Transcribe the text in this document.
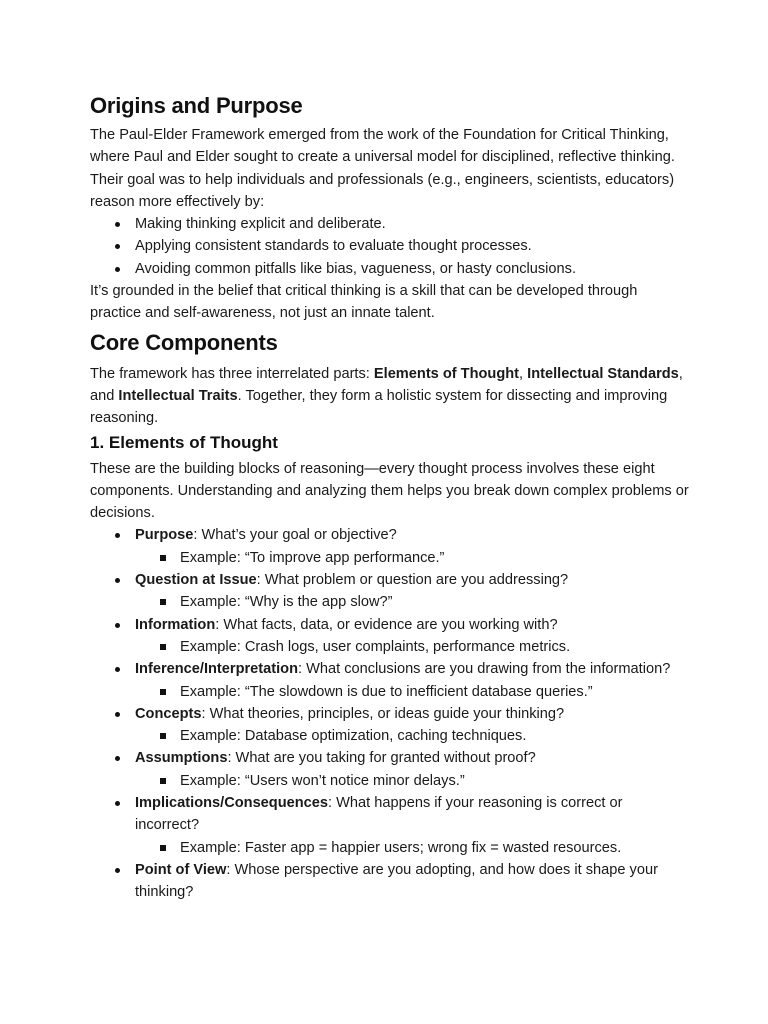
Origins and Purpose

The Paul-Elder Framework emerged from the work of the Foundation for Critical Thinking, where Paul and Elder sought to create a universal model for disciplined, reflective thinking. Their goal was to help individuals and professionals (e.g., engineers, scientists, educators) reason more effectively by:

Making thinking explicit and deliberate.
Applying consistent standards to evaluate thought processes.
Avoiding common pitfalls like bias, vagueness, or hasty conclusions.

It’s grounded in the belief that critical thinking is a skill that can be developed through practice and self-awareness, not just an innate talent.

Core Components

The framework has three interrelated parts: Elements of Thought, Intellectual Standards, and Intellectual Traits. Together, they form a holistic system for dissecting and improving reasoning.

1. Elements of Thought

These are the building blocks of reasoning—every thought process involves these eight components. Understanding and analyzing them helps you break down complex problems or decisions.

Purpose: What’s your goal or objective?
Example: “To improve app performance.”
Question at Issue: What problem or question are you addressing?
Example: “Why is the app slow?”
Information: What facts, data, or evidence are you working with?
Example: Crash logs, user complaints, performance metrics.
Inference/Interpretation: What conclusions are you drawing from the information?
Example: “The slowdown is due to inefficient database queries.”
Concepts: What theories, principles, or ideas guide your thinking?
Example: Database optimization, caching techniques.
Assumptions: What are you taking for granted without proof?
Example: “Users won’t notice minor delays.”
Implications/Consequences: What happens if your reasoning is correct or incorrect?
Example: Faster app = happier users; wrong fix = wasted resources.
Point of View: Whose perspective are you adopting, and how does it shape your thinking?
